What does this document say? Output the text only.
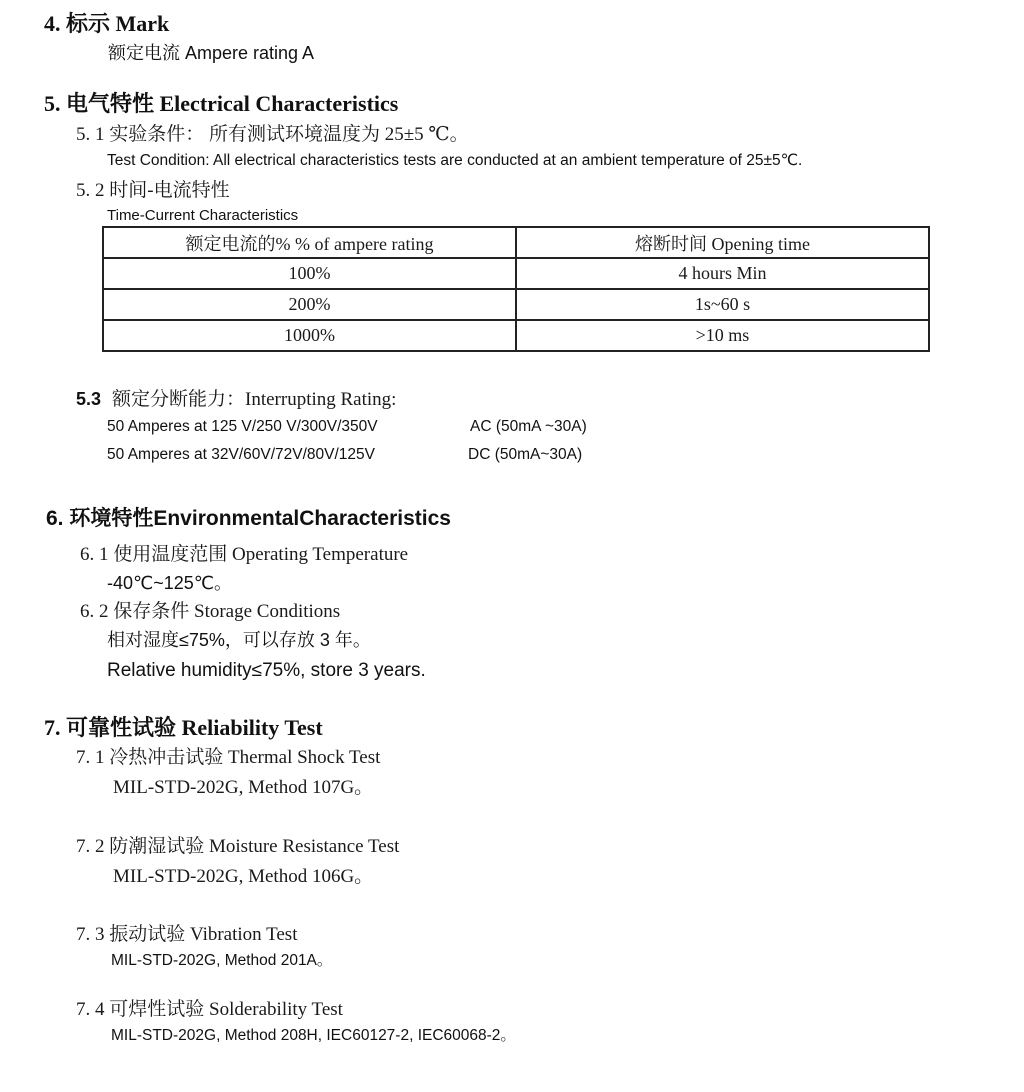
4. 标示 Mark
额定电流 Ampere rating A
5. 电气特性 Electrical Characteristics
5. 1 实验条件： 所有测试环境温度为 25±5 ℃。
Test Condition: All electrical characteristics tests are conducted at an ambient temperature of 25±5℃.
5. 2 时间-电流特性
Time-Current Characteristics
额定电流的% % of ampere rating	熔断时间 Opening time
100%	4 hours Min
200%	1s~60 s
1000%	>10 ms
5.3 额定分断能力：Interrupting Rating:
50 Amperes at 125 V/250 V/300V/350V	AC (50mA ~30A)
50 Amperes at 32V/60V/72V/80V/125V	DC (50mA~30A)
6. 环境特性EnvironmentalCharacteristics
6. 1 使用温度范围 Operating Temperature
-40℃~125℃。
6. 2 保存条件 Storage Conditions
相对湿度≤75%，可以存放 3 年。
Relative humidity≤75%, store 3 years.
7. 可靠性试验 Reliability Test
7. 1 冷热冲击试验 Thermal Shock Test
MIL-STD-202G, Method 107G。
7. 2 防潮湿试验 Moisture Resistance Test
MIL-STD-202G, Method 106G。
7. 3 振动试验 Vibration Test
MIL-STD-202G, Method 201A。
7. 4 可焊性试验 Solderability Test
MIL-STD-202G, Method 208H, IEC60127-2, IEC60068-2。
